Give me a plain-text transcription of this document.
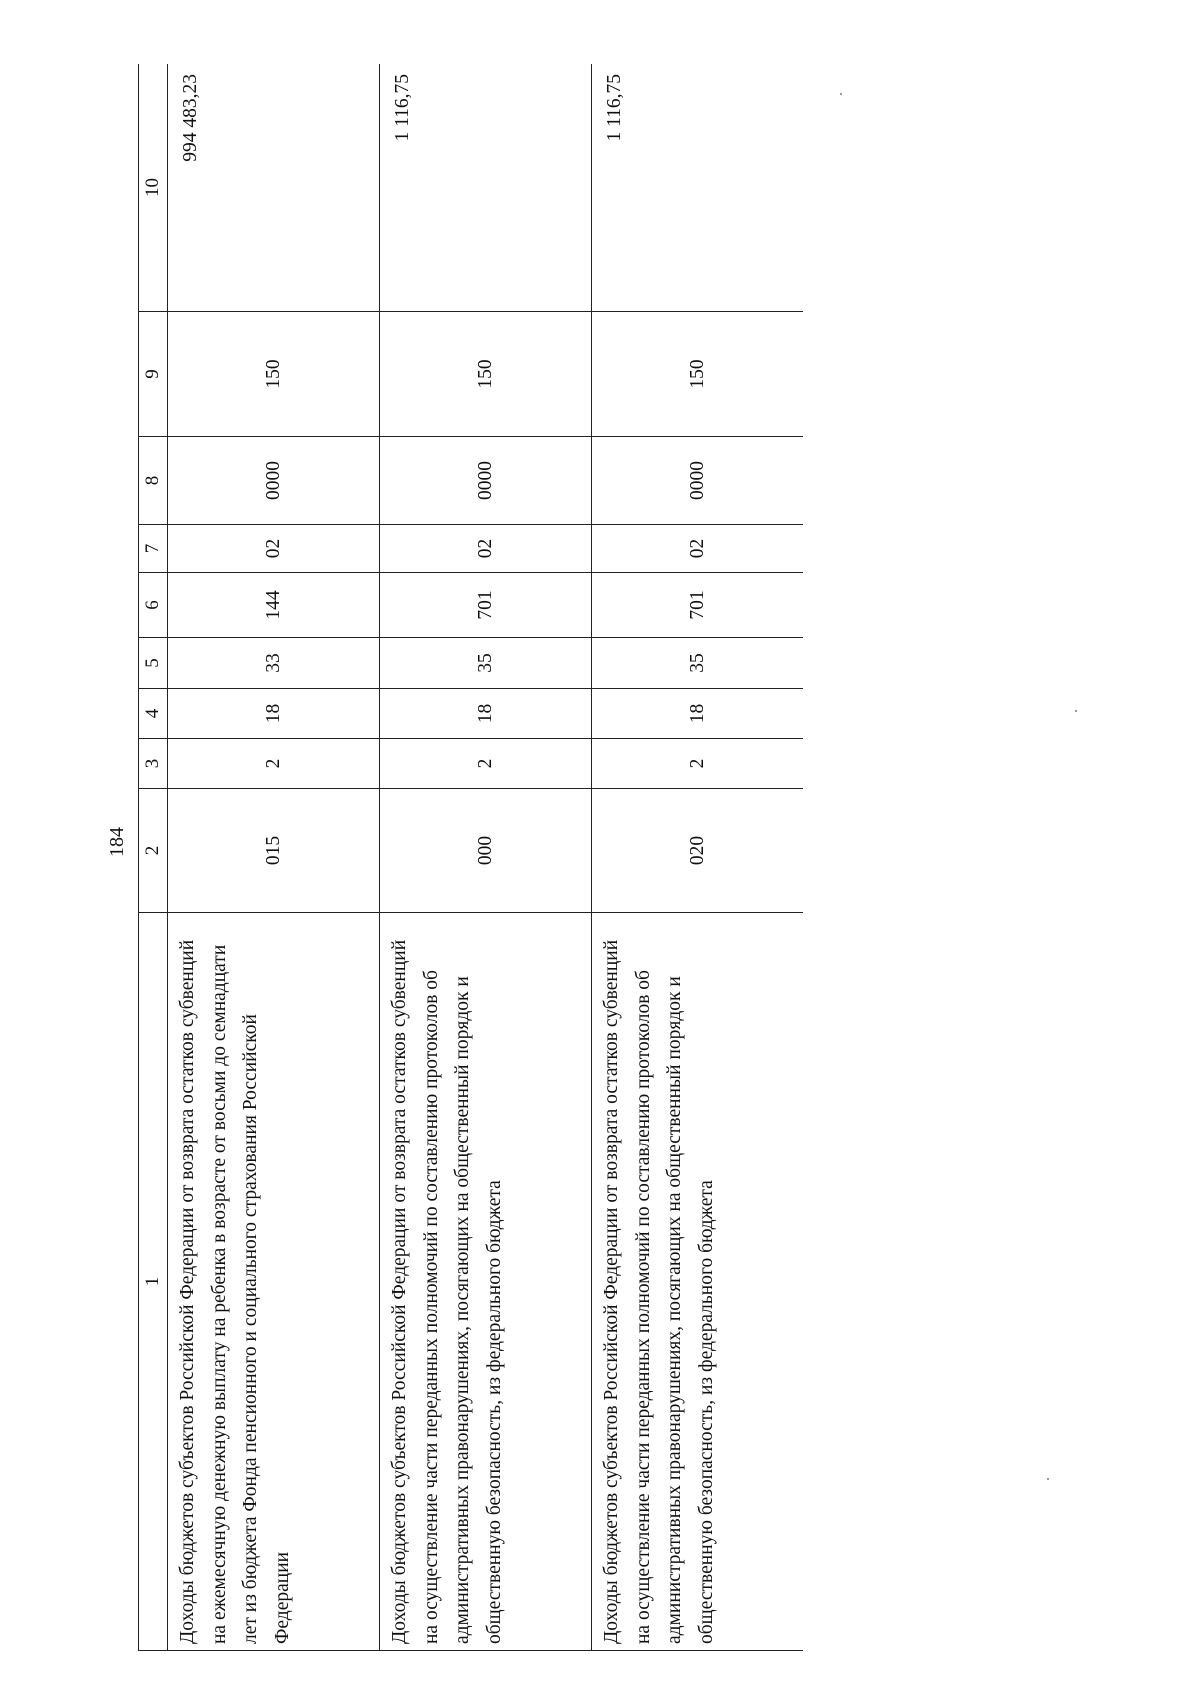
184
1	2	3	4	5	6	7	8	9	10
Доходы бюджетов субъектов Российской Федерации от возврата остатков субвенций на ежемесячную денежную выплату на ребенка в возрасте от восьми до семнадцати лет из бюджета Фонда пенсионного и социального страхования Российской Федерации	015	2	18	33	144	02	0000	150	994 483,23
Доходы бюджетов субъектов Российской Федерации от возврата остатков субвенций на осуществление части переданных полномочий по составлению протоколов об административных правонарушениях, посягающих на общественный порядок и общественную безопасность, из федерального бюджета	000	2	18	35	701	02	0000	150	1 116,75
Доходы бюджетов субъектов Российской Федерации от возврата остатков субвенций на осуществление части переданных полномочий по составлению протоколов об административных правонарушениях, посягающих на общественный порядок и общественную безопасность, из федерального бюджета	020	2	18	35	701	02	0000	150	1 116,75
